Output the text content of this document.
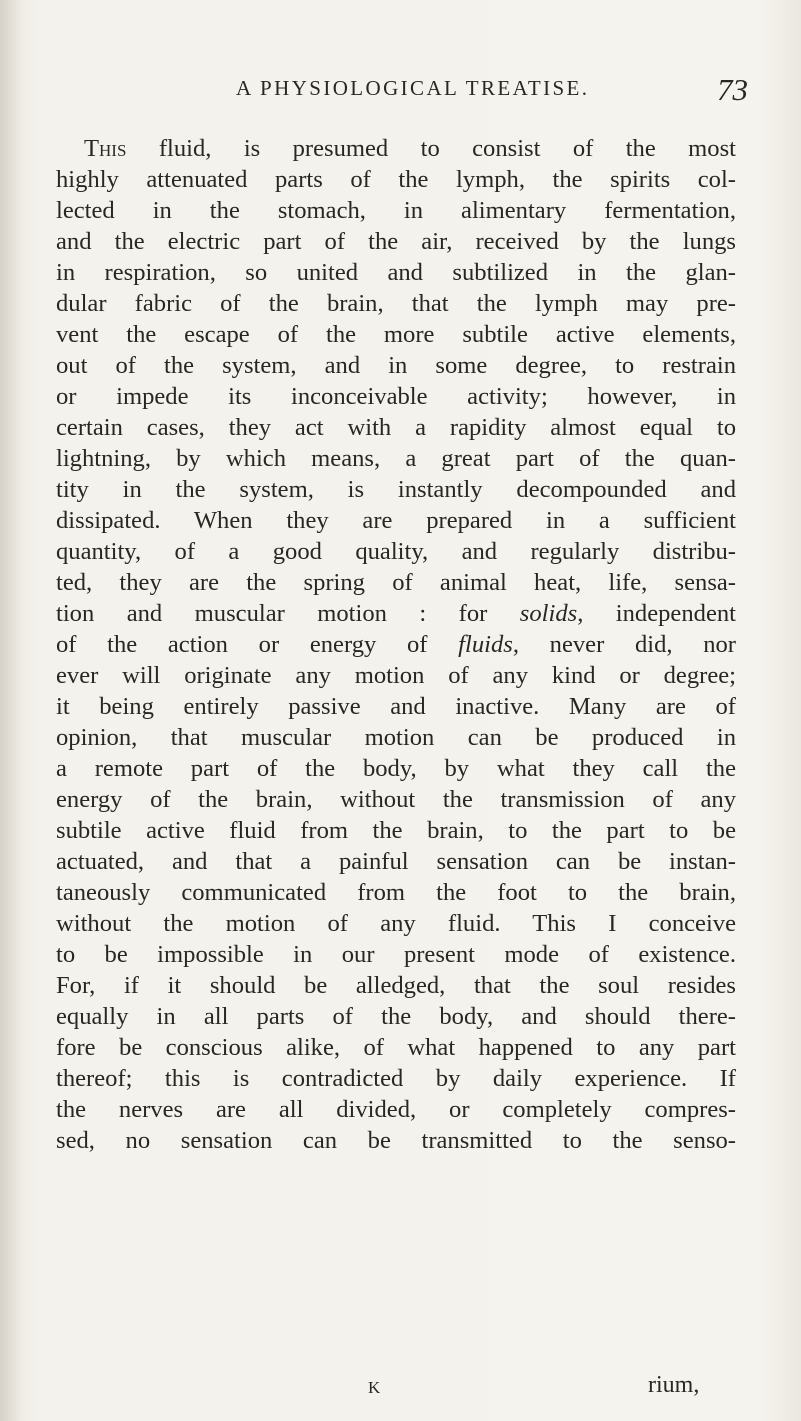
A PHYSIOLOGICAL TREATISE.	73
This fluid, is presumed to consist of the most
highly attenuated parts of the lymph, the spirits col-
lected in the stomach, in alimentary fermentation,
and the electric part of the air, received by the lungs
in respiration, so united and subtilized in the glan-
dular fabric of the brain, that the lymph may pre-
vent the escape of the more subtile active elements,
out of the system, and in some degree, to restrain
or impede its inconceivable activity; however, in
certain cases, they act with a rapidity almost equal to
lightning, by which means, a great part of the quan-
tity in the system, is instantly decompounded and
dissipated. When they are prepared in a sufficient
quantity, of a good quality, and regularly distribu-
ted, they are the spring of animal heat, life, sensa-
tion and muscular motion : for solids, independent
of the action or energy of fluids, never did, nor
ever will originate any motion of any kind or degree;
it being entirely passive and inactive. Many are of
opinion, that muscular motion can be produced in
a remote part of the body, by what they call the
energy of the brain, without the transmission of any
subtile active fluid from the brain, to the part to be
actuated, and that a painful sensation can be instan-
taneously communicated from the foot to the brain,
without the motion of any fluid. This I conceive
to be impossible in our present mode of existence.
For, if it should be alledged, that the soul resides
equally in all parts of the body, and should there-
fore be conscious alike, of what happened to any part
thereof; this is contradicted by daily experience. If
the nerves are all divided, or completely compres-
sed, no sensation can be transmitted to the senso-
K	rium,
